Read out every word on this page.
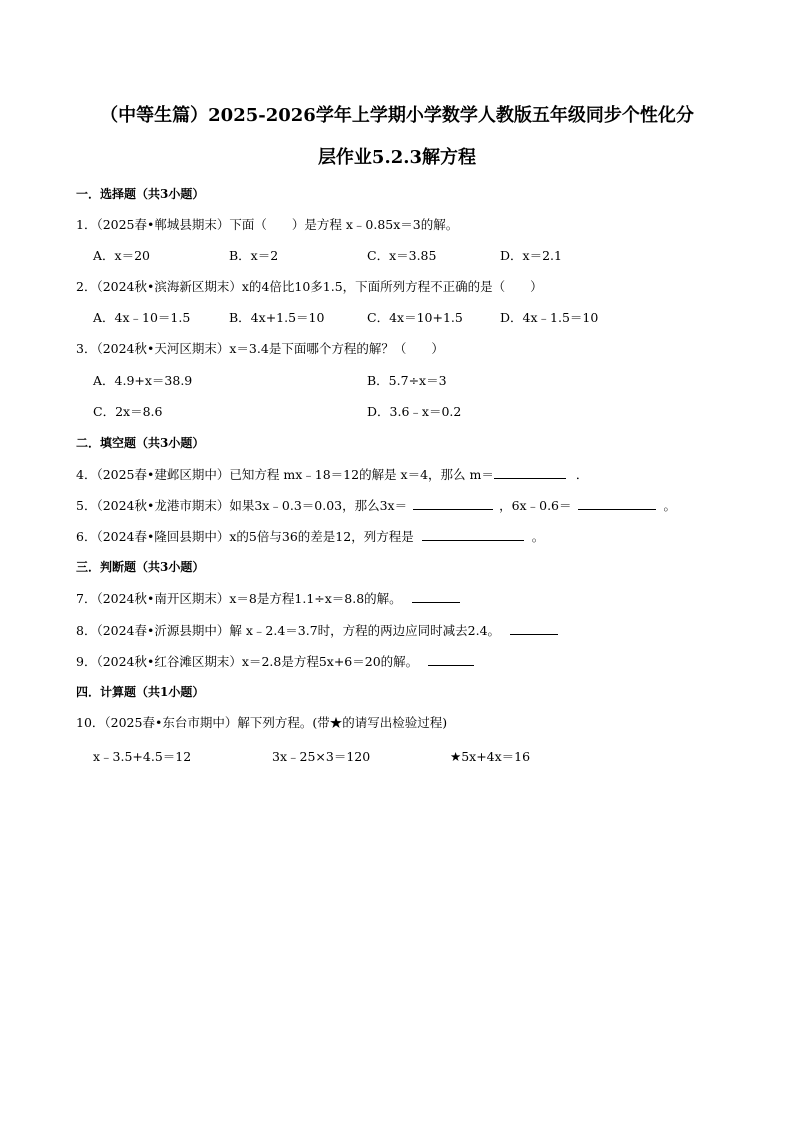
（中等生篇）2025-2026学年上学期小学数学人教版五年级同步个性化分
层作业5.2.3解方程
一．选择题（共3小题）
1．（2025春•郸城县期末）下面（　　）是方程 x﹣0.85x＝3的解。
A．x＝20	B．x＝2	C．x＝3.85	D．x＝2.1
2．（2024秋•滨海新区期末）x的4倍比10多1.5，下面所列方程不正确的是（　　）
A．4x﹣10＝1.5	B．4x+1.5＝10	C．4x＝10+1.5	D．4x﹣1.5＝10
3．（2024秋•天河区期末）x＝3.4是下面哪个方程的解？（　　）
A．4.9+x＝38.9	B．5.7÷x＝3
C．2x＝8.6	D．3.6﹣x＝0.2
二．填空题（共3小题）
4．（2025春•建邺区期中）已知方程 mx﹣18＝12的解是 x＝4，那么 m＝	．
5．（2024秋•龙港市期末）如果3x﹣0.3＝0.03，那么3x＝	，6x﹣0.6＝	。
6．（2024春•隆回县期中）x的5倍与36的差是12，列方程是	。
三．判断题（共3小题）
7．（2024秋•南开区期末）x＝8是方程1.1÷x＝8.8的解。
8．（2024春•沂源县期中）解 x﹣2.4＝3.7时，方程的两边应同时减去2.4。
9．（2024秋•红谷滩区期末）x＝2.8是方程5x+6＝20的解。
四．计算题（共1小题）
10．（2025春•东台市期中）解下列方程。(带★的请写出检验过程)
x﹣3.5+4.5＝12	3x﹣25×3＝120	★5x+4x＝16
